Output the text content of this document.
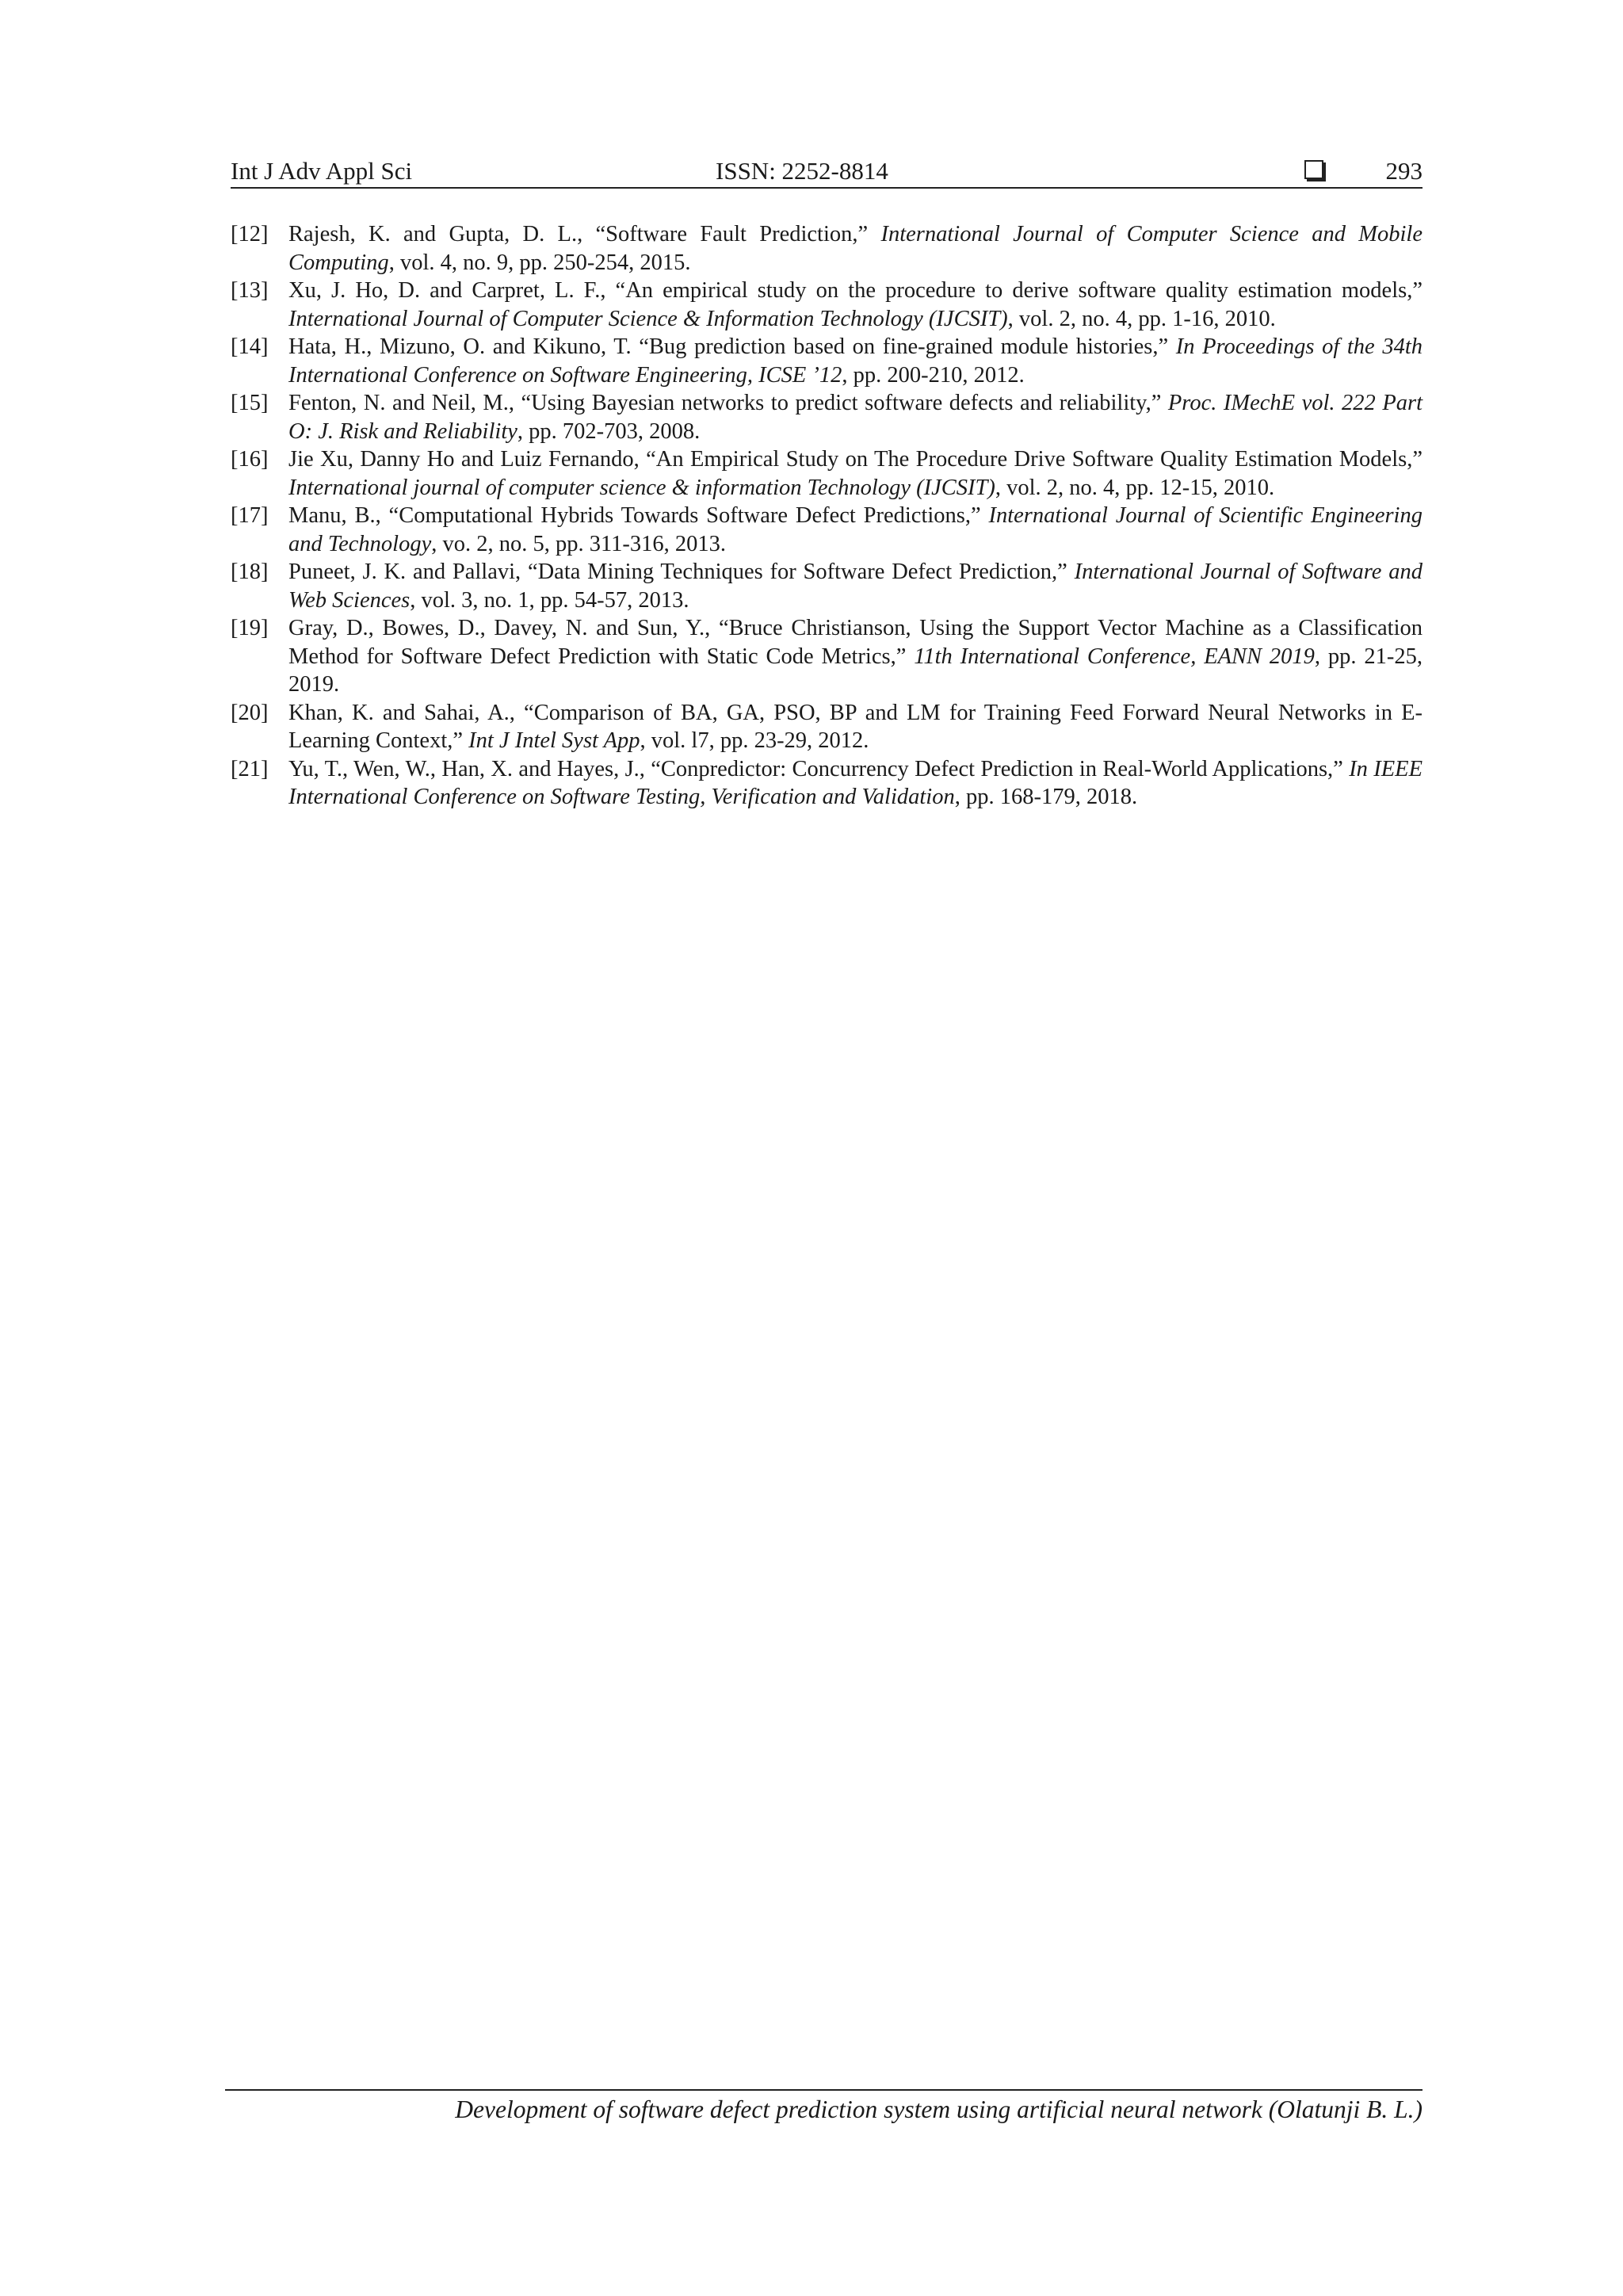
Int J Adv Appl Sci	ISSN: 2252-8814	293
[12] Rajesh, K. and Gupta, D. L., “Software Fault Prediction,” International Journal of Computer Science and Mobile Computing, vol. 4, no. 9, pp. 250-254, 2015.
[13] Xu, J. Ho, D. and Carpret, L. F., “An empirical study on the procedure to derive software quality estimation models,” International Journal of Computer Science & Information Technology (IJCSIT), vol. 2, no. 4, pp. 1-16, 2010.
[14] Hata, H., Mizuno, O. and Kikuno, T. “Bug prediction based on fine-grained module histories,” In Proceedings of the 34th International Conference on Software Engineering, ICSE ’12, pp. 200-210, 2012.
[15] Fenton, N. and Neil, M., “Using Bayesian networks to predict software defects and reliability,” Proc. IMechE vol. 222 Part O: J. Risk and Reliability, pp. 702-703, 2008.
[16] Jie Xu, Danny Ho and Luiz Fernando, “An Empirical Study on The Procedure Drive Software Quality Estimation Models,” International journal of computer science & information Technology (IJCSIT), vol. 2, no. 4, pp. 12-15, 2010.
[17] Manu, B., “Computational Hybrids Towards Software Defect Predictions,” International Journal of Scientific Engineering and Technology, vo. 2, no. 5, pp. 311-316, 2013.
[18] Puneet, J. K. and Pallavi, “Data Mining Techniques for Software Defect Prediction,” International Journal of Software and Web Sciences, vol. 3, no. 1, pp. 54-57, 2013.
[19] Gray, D., Bowes, D., Davey, N. and Sun, Y., “Bruce Christianson, Using the Support Vector Machine as a Classification Method for Software Defect Prediction with Static Code Metrics,” 11th International Conference, EANN 2019, pp. 21-25, 2019.
[20] Khan, K. and Sahai, A., “Comparison of BA, GA, PSO, BP and LM for Training Feed Forward Neural Networks in E-Learning Context,” Int J Intel Syst App, vol. l7, pp. 23-29, 2012.
[21] Yu, T., Wen, W., Han, X. and Hayes, J., “Conpredictor: Concurrency Defect Prediction in Real-World Applications,” In IEEE International Conference on Software Testing, Verification and Validation, pp. 168-179, 2018.
Development of software defect prediction system using artificial neural network (Olatunji B. L.)
